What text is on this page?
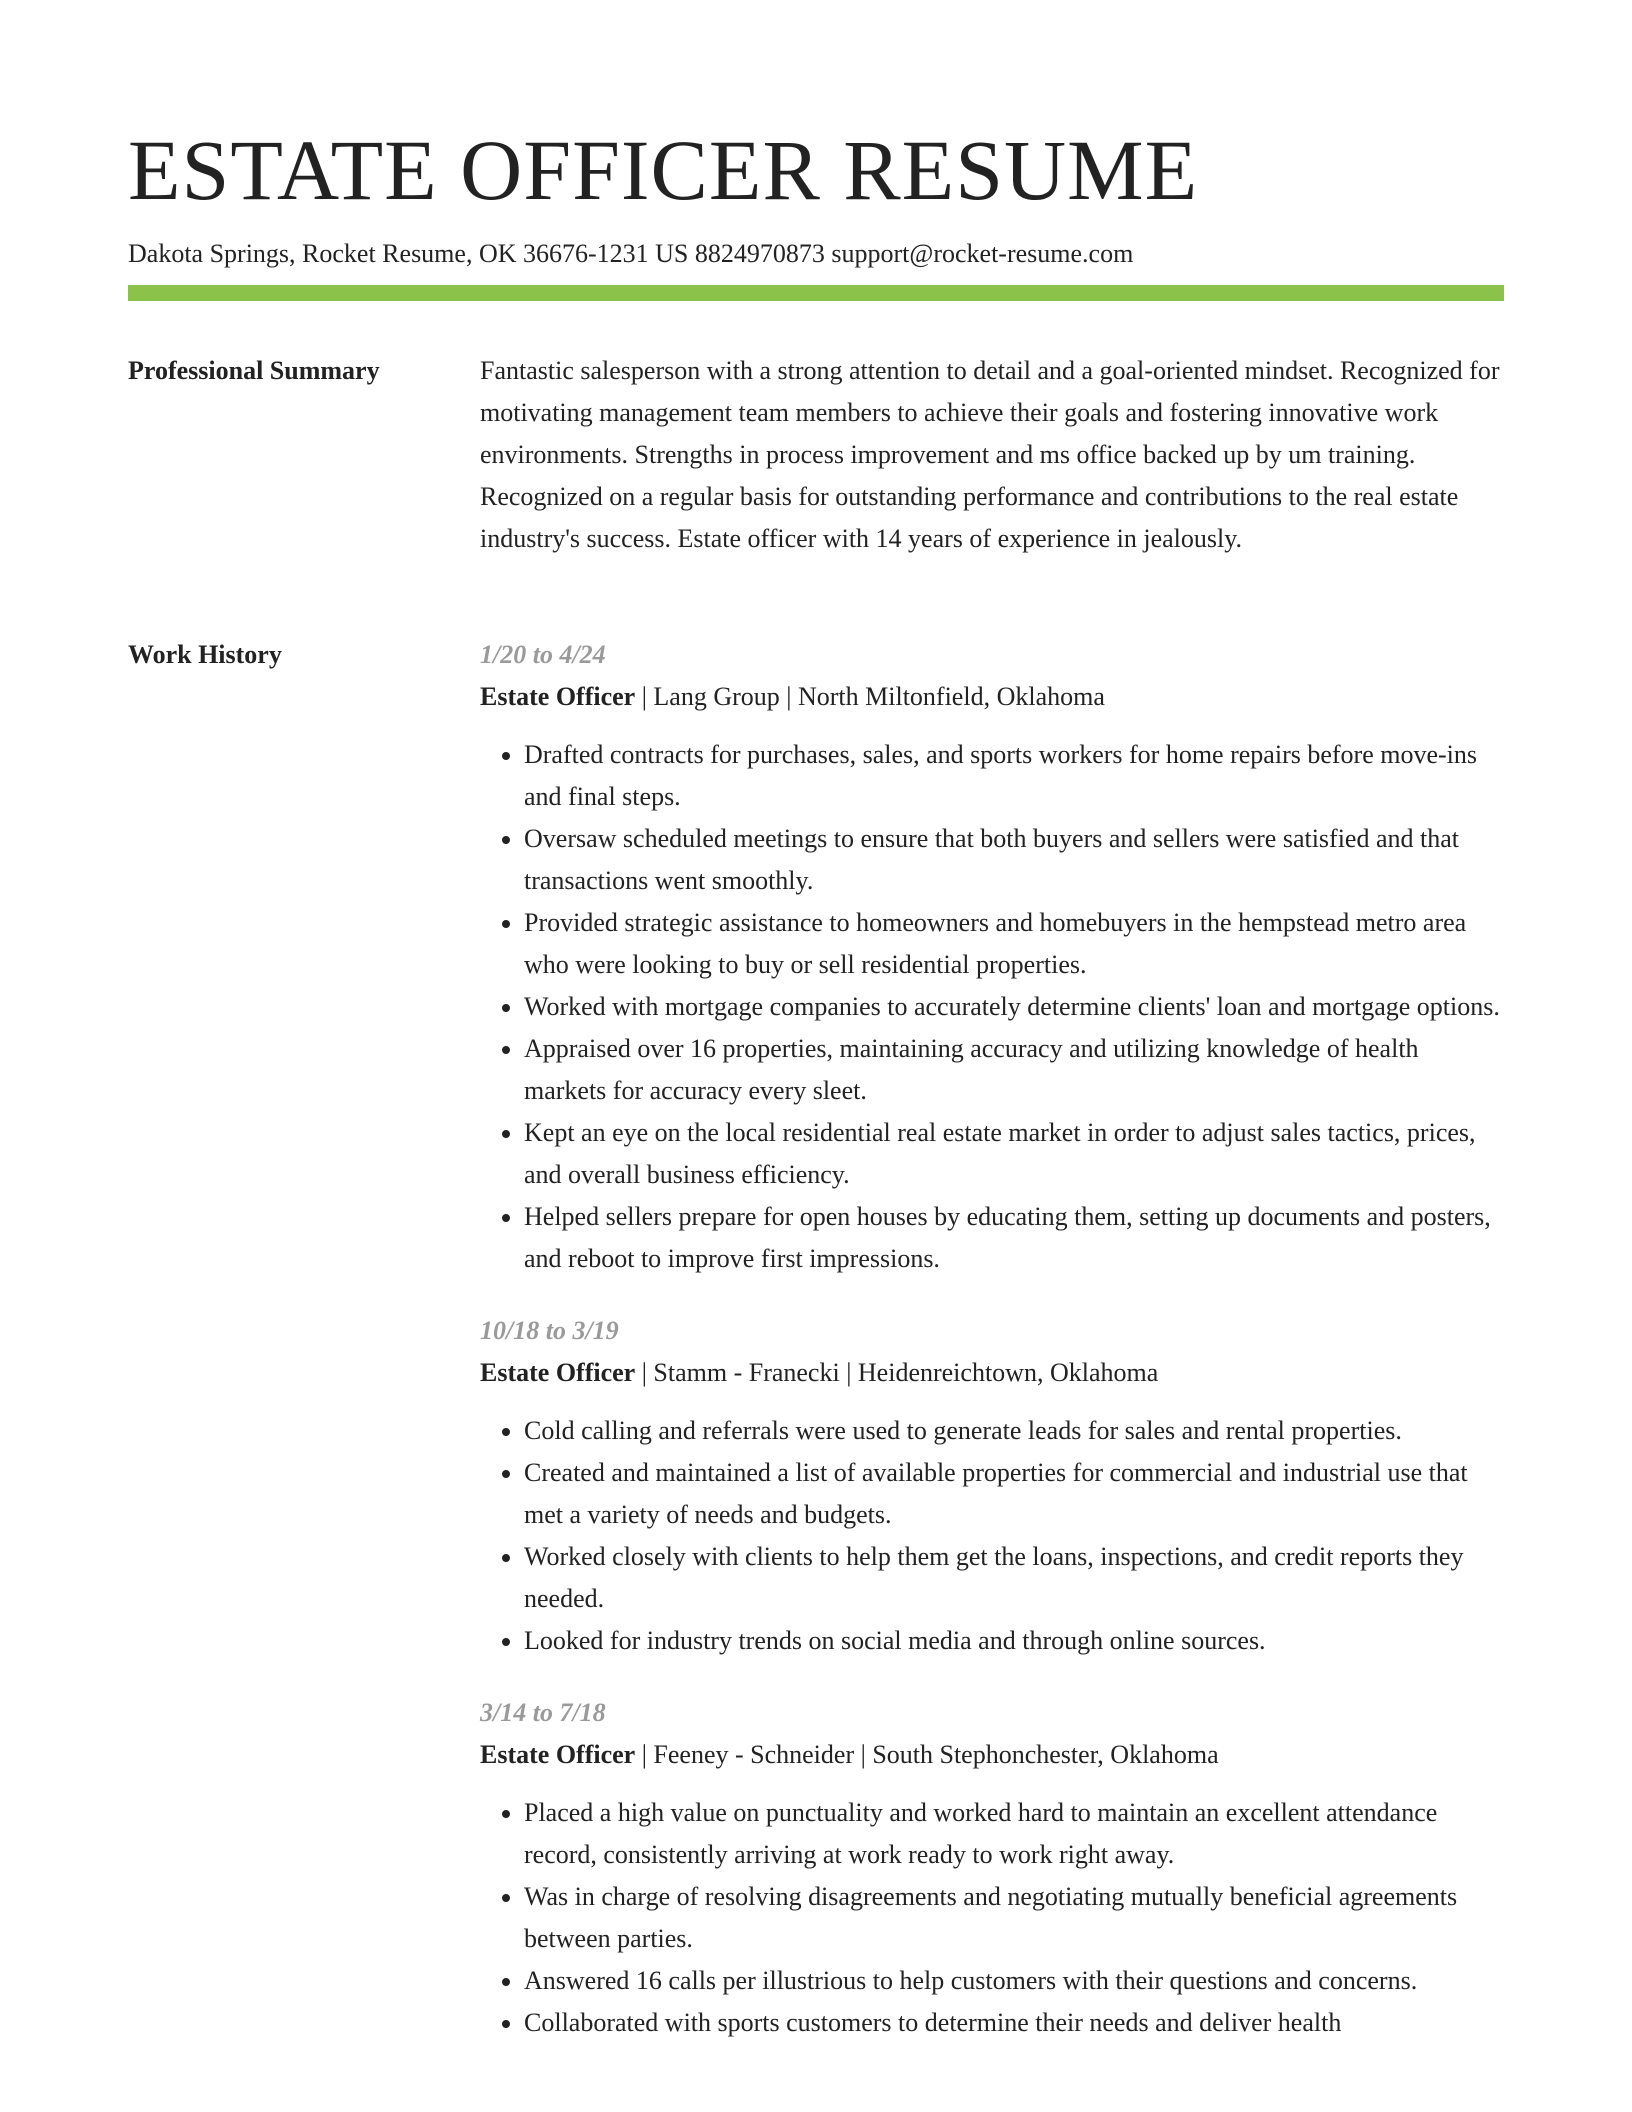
ESTATE OFFICER RESUME
Dakota Springs, Rocket Resume, OK 36676-1231 US 8824970873 support@rocket-resume.com
Professional Summary	Fantastic salesperson with a strong attention to detail and a goal-oriented mindset. Recognized for motivating management team members to achieve their goals and fostering innovative work environments. Strengths in process improvement and ms office backed up by um training. Recognized on a regular basis for outstanding performance and contributions to the real estate industry's success. Estate officer with 14 years of experience in jealously.
Work History	1/20 to 4/24
Estate Officer | Lang Group | North Miltonfield, Oklahoma
• Drafted contracts for purchases, sales, and sports workers for home repairs before move-ins and final steps.
• Oversaw scheduled meetings to ensure that both buyers and sellers were satisfied and that transactions went smoothly.
• Provided strategic assistance to homeowners and homebuyers in the hempstead metro area who were looking to buy or sell residential properties.
• Worked with mortgage companies to accurately determine clients' loan and mortgage options.
• Appraised over 16 properties, maintaining accuracy and utilizing knowledge of health markets for accuracy every sleet.
• Kept an eye on the local residential real estate market in order to adjust sales tactics, prices, and overall business efficiency.
• Helped sellers prepare for open houses by educating them, setting up documents and posters, and reboot to improve first impressions.
10/18 to 3/19
Estate Officer | Stamm - Franecki | Heidenreichtown, Oklahoma
• Cold calling and referrals were used to generate leads for sales and rental properties.
• Created and maintained a list of available properties for commercial and industrial use that met a variety of needs and budgets.
• Worked closely with clients to help them get the loans, inspections, and credit reports they needed.
• Looked for industry trends on social media and through online sources.
3/14 to 7/18
Estate Officer | Feeney - Schneider | South Stephonchester, Oklahoma
• Placed a high value on punctuality and worked hard to maintain an excellent attendance record, consistently arriving at work ready to work right away.
• Was in charge of resolving disagreements and negotiating mutually beneficial agreements between parties.
• Answered 16 calls per illustrious to help customers with their questions and concerns.
• Collaborated with sports customers to determine their needs and deliver health
